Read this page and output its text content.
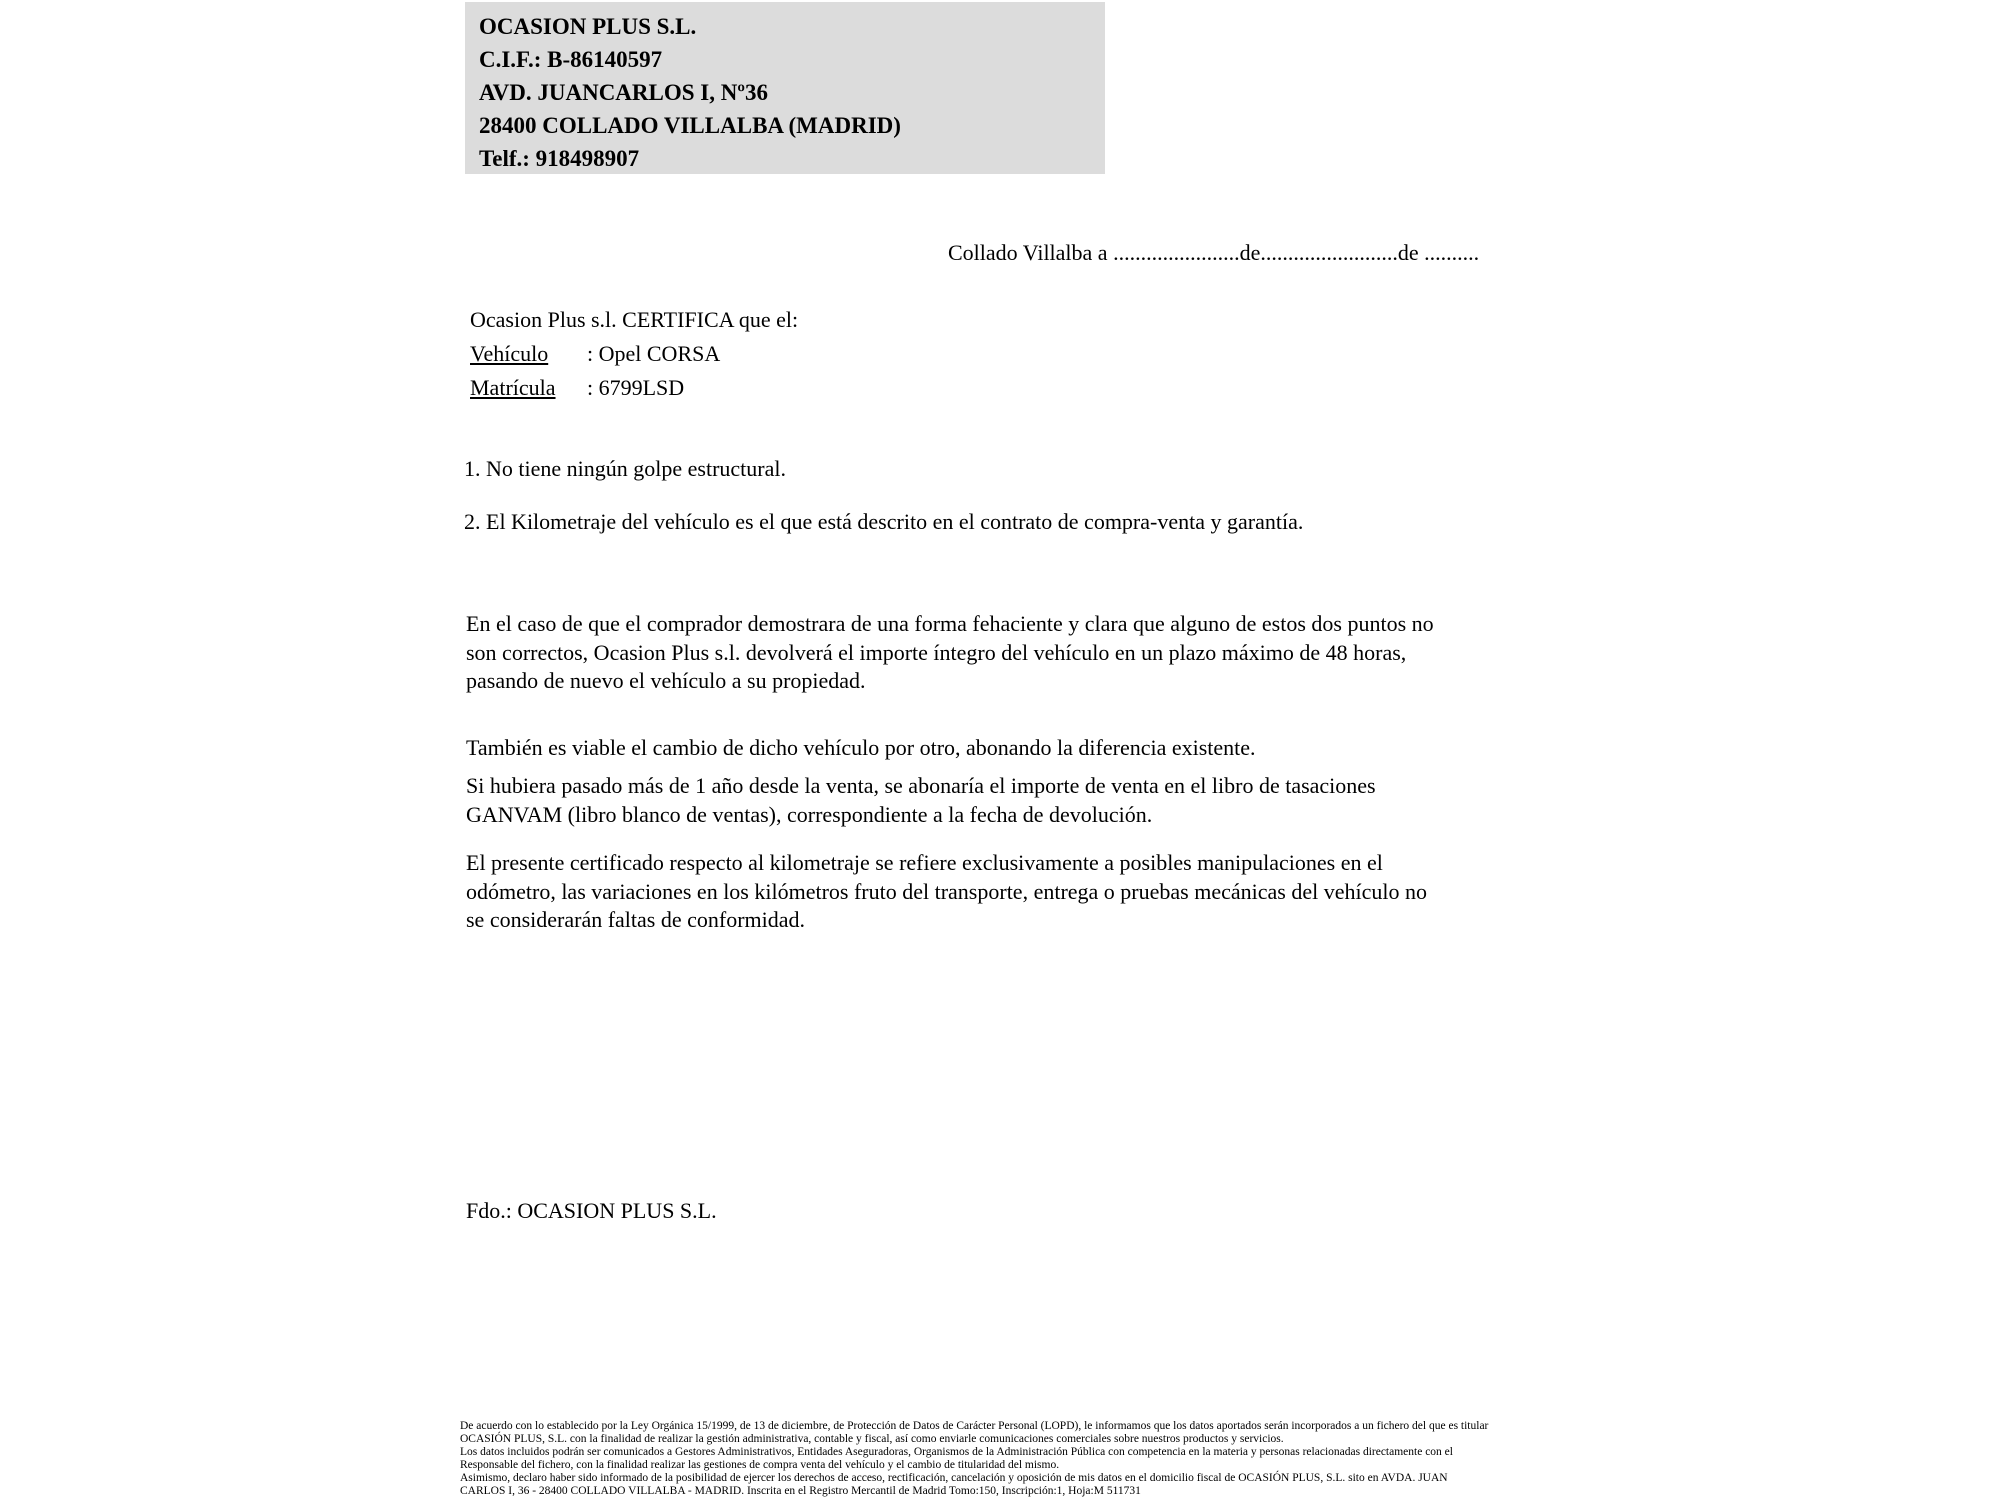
OCASION PLUS S.L.
C.I.F.: B-86140597
AVD. JUANCARLOS I, Nº36
28400 COLLADO VILLALBA (MADRID)
Telf.: 918498907
Collado Villalba a .......................de.........................de ..........
Ocasion Plus s.l. CERTIFICA que el:
Vehículo : Opel CORSA
Matrícula : 6799LSD
1. No tiene ningún golpe estructural.
2. El Kilometraje del vehículo es el que está descrito en el contrato de compra-venta y garantía.
En el caso de que el comprador demostrara de una forma fehaciente y clara que alguno de estos dos puntos no
son correctos, Ocasion Plus s.l. devolverá el importe íntegro del vehículo en un plazo máximo de 48 horas,
pasando de nuevo el vehículo a su propiedad.
También es viable el cambio de dicho vehículo por otro, abonando la diferencia existente.
Si hubiera pasado más de 1 año desde la venta, se abonaría el importe de venta en el libro de tasaciones
GANVAM (libro blanco de ventas), correspondiente a la fecha de devolución.
El presente certificado respecto al kilometraje se refiere exclusivamente a posibles manipulaciones en el
odómetro, las variaciones en los kilómetros fruto del transporte, entrega o pruebas mecánicas del vehículo no
se considerarán faltas de conformidad.
Fdo.: OCASION PLUS S.L.
De acuerdo con lo establecido por la Ley Orgánica 15/1999, de 13 de diciembre, de Protección de Datos de Carácter Personal (LOPD), le informamos que los datos aportados serán incorporados a un fichero del que es titular
OCASIÓN PLUS, S.L. con la finalidad de realizar la gestión administrativa, contable y fiscal, así como enviarle comunicaciones comerciales sobre nuestros productos y servicios.
Los datos incluidos podrán ser comunicados a Gestores Administrativos, Entidades Aseguradoras, Organismos de la Administración Pública con competencia en la materia y personas relacionadas directamente con el
Responsable del fichero, con la finalidad realizar las gestiones de compra venta del vehículo y el cambio de titularidad del mismo.
Asimismo, declaro haber sido informado de la posibilidad de ejercer los derechos de acceso, rectificación, cancelación y oposición de mis datos en el domicilio fiscal de OCASIÓN PLUS, S.L. sito en AVDA. JUAN
CARLOS I, 36 - 28400 COLLADO VILLALBA - MADRID. Inscrita en el Registro Mercantil de Madrid Tomo:150, Inscripción:1, Hoja:M 511731
